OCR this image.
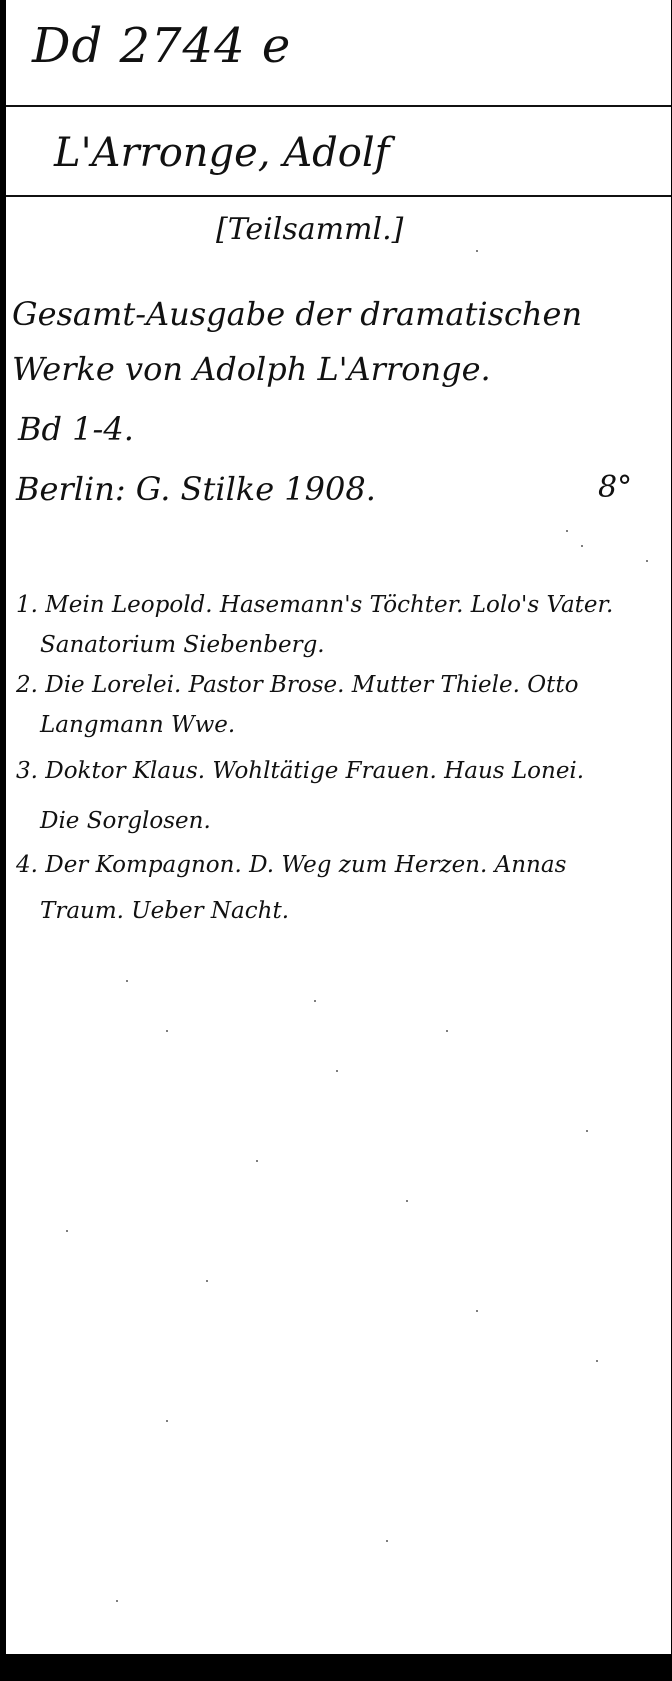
Dd 2744 e
L'Arronge, Adolf
[Teilsamml.]
Gesamt-Ausgabe der dramatischen
Werke von Adolph L'Arronge.
Bd 1-4.
Berlin: G. Stilke 1908.	8°
1. Mein Leopold. Hasemann's Töchter. Lolo's Vater.
Sanatorium Siebenberg.
2. Die Lorelei. Pastor Brose. Mutter Thiele. Otto
Langmann Wwe.
3. Doktor Klaus. Wohltätige Frauen. Haus Lonei.
Die Sorglosen.
4. Der Kompagnon. D. Weg zum Herzen. Annas
Traum. Ueber Nacht.
